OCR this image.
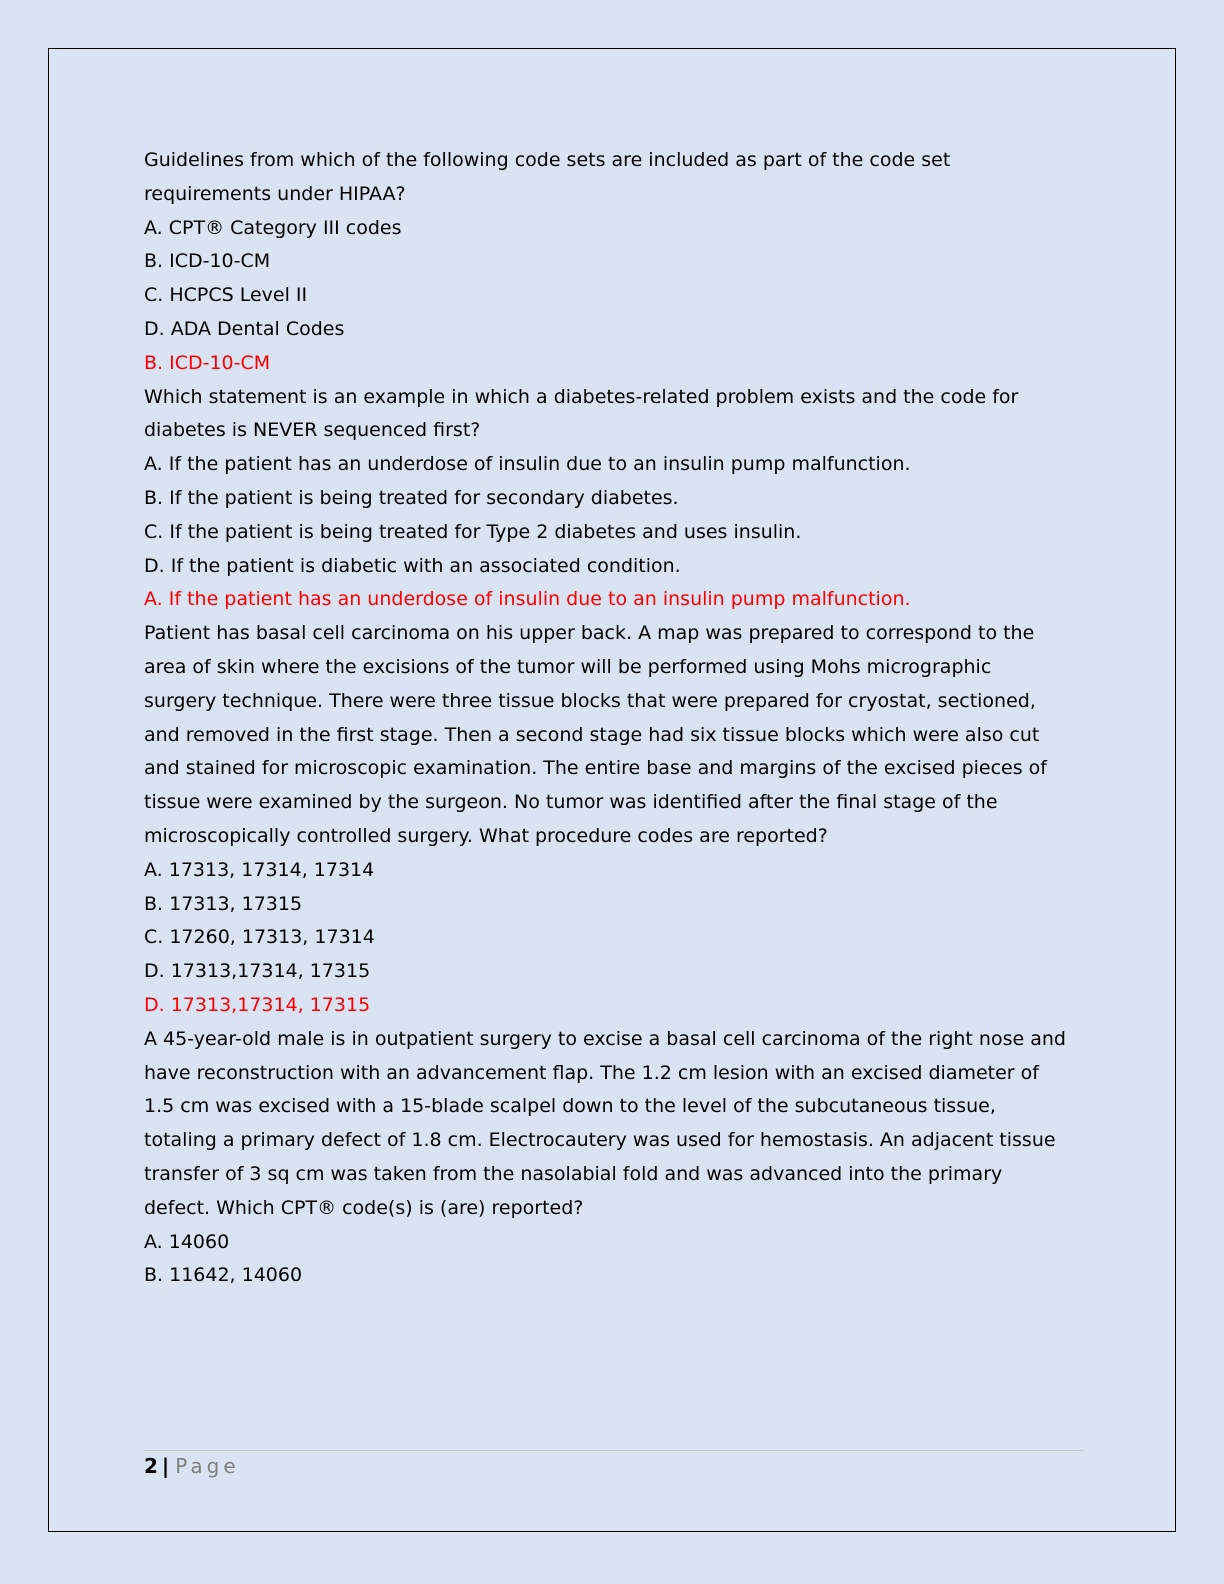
Guidelines from which of the following code sets are included as part of the code set

requirements under HIPAA?

A. CPT® Category III codes

B. ICD-10-CM

C. HCPCS Level II

D. ADA Dental Codes

B. ICD-10-CM

Which statement is an example in which a diabetes-related problem exists and the code for

diabetes is NEVER sequenced first?

A. If the patient has an underdose of insulin due to an insulin pump malfunction.

B. If the patient is being treated for secondary diabetes.

C. If the patient is being treated for Type 2 diabetes and uses insulin.

D. If the patient is diabetic with an associated condition.

A. If the patient has an underdose of insulin due to an insulin pump malfunction.

Patient has basal cell carcinoma on his upper back. A map was prepared to correspond to the

area of skin where the excisions of the tumor will be performed using Mohs micrographic

surgery technique. There were three tissue blocks that were prepared for cryostat, sectioned,

and removed in the first stage. Then a second stage had six tissue blocks which were also cut

and stained for microscopic examination. The entire base and margins of the excised pieces of

tissue were examined by the surgeon. No tumor was identified after the final stage of the

microscopically controlled surgery. What procedure codes are reported?

A. 17313, 17314, 17314

B. 17313, 17315

C. 17260, 17313, 17314

D. 17313,17314, 17315

D. 17313,17314, 17315

A 45-year-old male is in outpatient surgery to excise a basal cell carcinoma of the right nose and

have reconstruction with an advancement flap. The 1.2 cm lesion with an excised diameter of

1.5 cm was excised with a 15-blade scalpel down to the level of the subcutaneous tissue,

totaling a primary defect of 1.8 cm. Electrocautery was used for hemostasis. An adjacent tissue

transfer of 3 sq cm was taken from the nasolabial fold and was advanced into the primary

defect. Which CPT® code(s) is (are) reported?

A. 14060

B. 11642, 14060

2 | Page
